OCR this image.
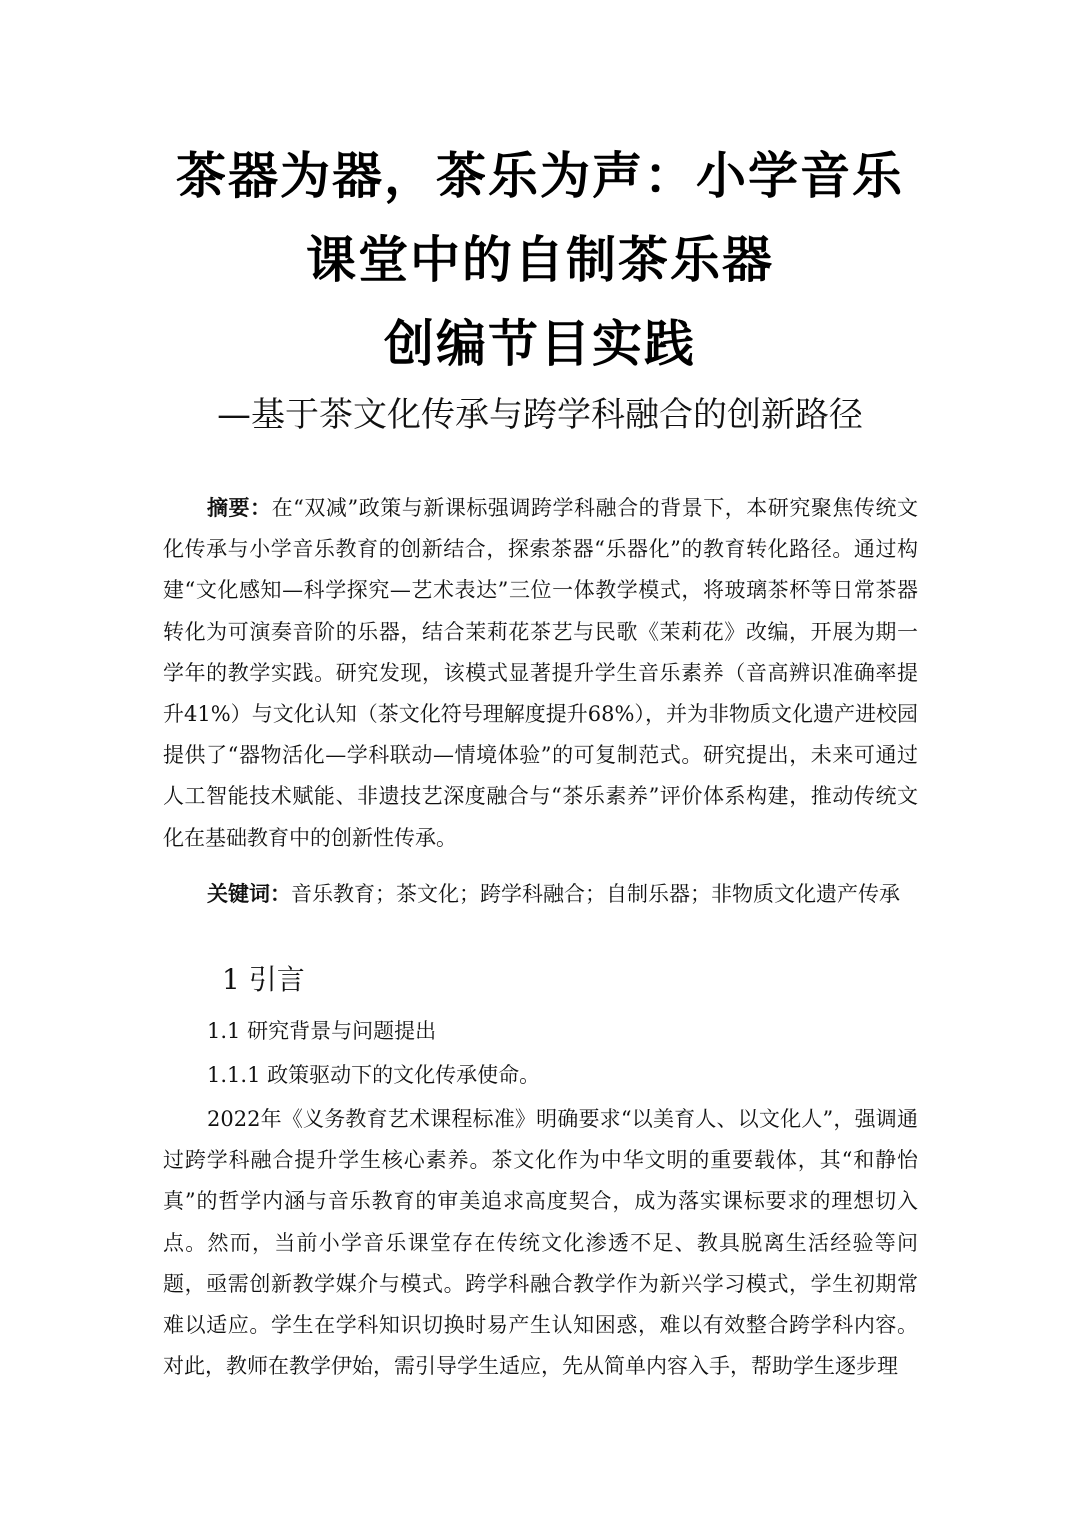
茶器为器，茶乐为声：小学音乐
课堂中的自制茶乐器
创编节目实践

—基于茶文化传承与跨学科融合的创新路径

摘要：在“双减”政策与新课标强调跨学科融合的背景下，本研究聚焦传统文化传承与小学音乐教育的创新结合，探索茶器“乐器化”的教育转化路径。通过构建“文化感知—科学探究—艺术表达”三位一体教学模式，将玻璃茶杯等日常茶器转化为可演奏音阶的乐器，结合茉莉花茶艺与民歌《茉莉花》改编，开展为期一学年的教学实践。研究发现，该模式显著提升学生音乐素养（音高辨识准确率提升41%）与文化认知（茶文化符号理解度提升68%），并为非物质文化遗产进校园提供了“器物活化—学科联动—情境体验”的可复制范式。研究提出，未来可通过人工智能技术赋能、非遗技艺深度融合与“茶乐素养”评价体系构建，推动传统文化在基础教育中的创新性传承。

关键词：音乐教育；茶文化；跨学科融合；自制乐器；非物质文化遗产传承

1 引言
1.1 研究背景与问题提出
1.1.1 政策驱动下的文化传承使命。

2022年《义务教育艺术课程标准》明确要求“以美育人、以文化人”，强调通过跨学科融合提升学生核心素养。茶文化作为中华文明的重要载体，其“和静怡真”的哲学内涵与音乐教育的审美追求高度契合，成为落实课标要求的理想切入点。然而，当前小学音乐课堂存在传统文化渗透不足、教具脱离生活经验等问题，亟需创新教学媒介与模式。跨学科融合教学作为新兴学习模式，学生初期常难以适应。学生在学科知识切换时易产生认知困惑，难以有效整合跨学科内容。对此，教师在教学伊始，需引导学生适应，先从简单内容入手，帮助学生逐步理
